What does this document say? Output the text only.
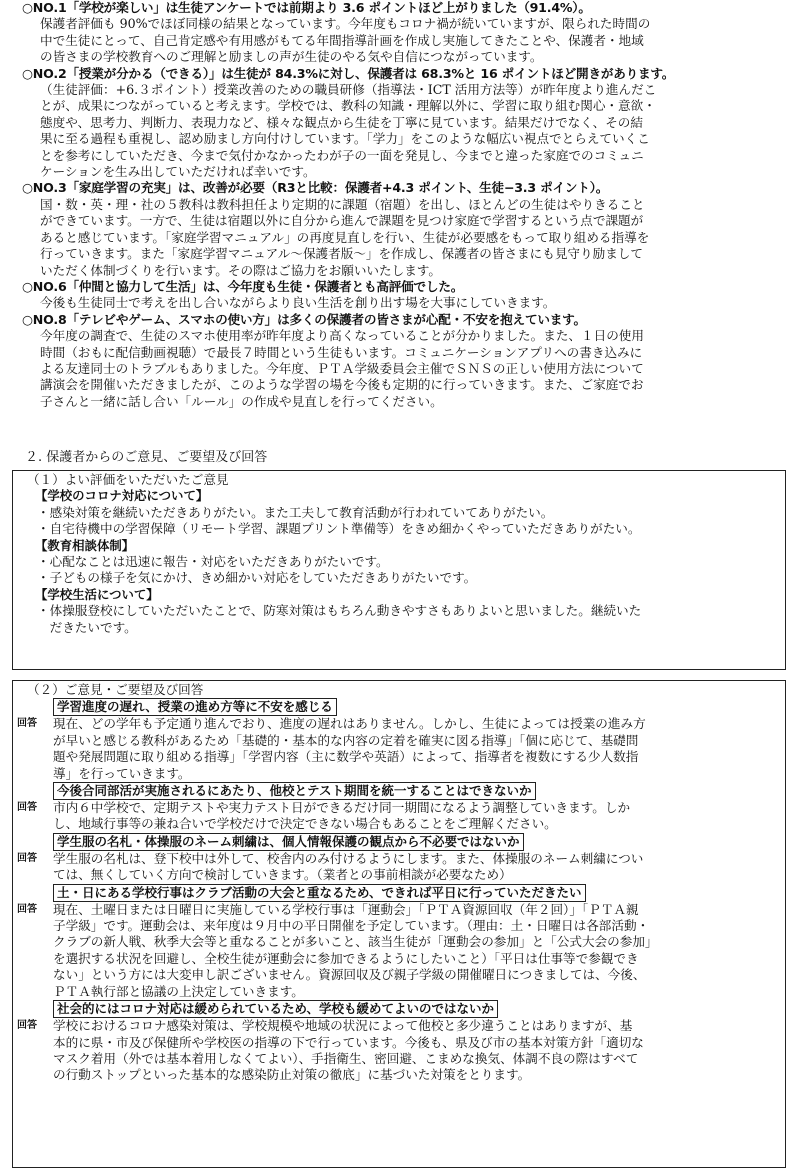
○NO.1「学校が楽しい」は生徒アンケートでは前期より 3.6 ポイントほど上がりました（91.4%）。

保護者評価も 90%でほぼ同様の結果となっています。今年度もコロナ禍が続いていますが、限られた時間の
中で生徒にとって、自己肯定感や有用感がもてる年間指導計画を作成し実施してきたことや、保護者・地域
の皆さまの学校教育へのご理解と励ましの声が生徒のやる気や自信につながっています。

○NO.2「授業が分かる（できる）」は生徒が 84.3%に対し、保護者は 68.3%と 16 ポイントほど開きがあります。

（生徒評価：+6.３ポイント）授業改善のための職員研修（指導法・ICT 活用方法等）が昨年度より進んだこ
とが、成果につながっていると考えます。学校では、教科の知識・理解以外に、学習に取り組む関心・意欲・
態度や、思考力、判断力、表現力など、様々な観点から生徒を丁寧に見ています。結果だけでなく、その結
果に至る過程も重視し、認め励まし方向付けしています。「学力」をこのような幅広い視点でとらえていくこ
とを参考にしていただき、今まで気付かなかったわが子の一面を発見し、今までと違った家庭でのコミュニ
ケーションを生み出していただければ幸いです。

○NO.3「家庭学習の充実」は、改善が必要（R3と比較：保護者+4.3 ポイント、生徒−3.3 ポイント）。

国・数・英・理・社の５教科は教科担任より定期的に課題（宿題）を出し、ほとんどの生徒はやりきること
ができています。一方で、生徒は宿題以外に自分から進んで課題を見つけ家庭で学習するという点で課題が
あると感じています。「家庭学習マニュアル」の再度見直しを行い、生徒が必要感をもって取り組める指導を
行っていきます。また「家庭学習マニュアル～保護者版～」を作成し、保護者の皆さまにも見守り励まして
いただく体制づくりを行います。その際はご協力をお願いいたします。

○NO.6「仲間と協力して生活」は、今年度も生徒・保護者とも高評価でした。

今後も生徒同士で考えを出し合いながらより良い生活を創り出す場を大事にしていきます。

○NO.8「テレビやゲーム、スマホの使い方」は多くの保護者の皆さまが心配・不安を抱えています。

今年度の調査で、生徒のスマホ使用率が昨年度より高くなっていることが分かりました。また、１日の使用
時間（おもに配信動画視聴）で最長７時間という生徒もいます。コミュニケーションアプリへの書き込みに
よる友達同士のトラブルもありました。今年度、ＰＴＡ学級委員会主催でＳＮＳの正しい使用方法について
講演会を開催いただきましたが、このような学習の場を今後も定期的に行っていきます。また、ご家庭でお
子さんと一緒に話し合い「ルール」の作成や見直しを行ってください。

２. 保護者からのご意見、ご要望及び回答

（１）よい評価をいただいたご意見

【学校のコロナ対応について】

・感染対策を継続いただきありがたい。また工夫して教育活動が行われていてありがたい。

・自宅待機中の学習保障（リモート学習、課題プリント準備等）をきめ細かくやっていただきありがたい。

【教育相談体制】

・心配なことは迅速に報告・対応をいただきありがたいです。

・子どもの様子を気にかけ、きめ細かい対応をしていただきありがたいです。

【学校生活について】

・体操服登校にしていただいたことで、防寒対策はもちろん動きやすさもありよいと思いました。継続いた
　だきたいです。

（２）ご意見・ご要望及び回答

学習進度の遅れ、授業の進め方等に不安を感じる
回答 現在、どの学年も予定通り進んでおり、進度の遅れはありません。しかし、生徒によっては授業の進み方
が早いと感じる教科があるため「基礎的・基本的な内容の定着を確実に図る指導」「個に応じて、基礎問
題や発展問題に取り組める指導」「学習内容（主に数学や英語）によって、指導者を複数にする少人数指
導」を行っていきます。

今後合同部活が実施されるにあたり、他校とテスト期間を統一することはできないか
回答 市内６中学校で、定期テストや実力テスト日ができるだけ同一期間になるよう調整していきます。しか
し、地域行事等の兼ね合いで学校だけで決定できない場合もあることをご理解ください。

学生服の名札・体操服のネーム刺繍は、個人情報保護の観点から不必要ではないか
回答 学生服の名札は、登下校中は外して、校舎内のみ付けるようにします。また、体操服のネーム刺繍につい
ては、無くしていく方向で検討していきます。（業者との事前相談が必要なため）

土・日にある学校行事はクラブ活動の大会と重なるため、できれば平日に行っていただきたい
回答 現在、土曜日または日曜日に実施している学校行事は「運動会」「ＰＴＡ資源回収（年２回）」「ＰＴＡ親
子学級」です。運動会は、来年度は９月中の平日開催を予定しています。（理由：土・日曜日は各部活動・
クラブの新人戦、秋季大会等と重なることが多いこと、該当生徒が「運動会の参加」と「公式大会の参加」
を選択する状況を回避し、全校生徒が運動会に参加できるようにしたいこと）「平日は仕事等で参観でき
ない」という方には大変申し訳ございません。資源回収及び親子学級の開催曜日につきましては、今後、
ＰＴＡ執行部と協議の上決定していきます。

社会的にはコロナ対応は緩められているため、学校も緩めてよいのではないか
回答 学校におけるコロナ感染対策は、学校規模や地域の状況によって他校と多少違うことはありますが、基
本的に県・市及び保健所や学校医の指導の下で行っています。今後も、県及び市の基本対策方針「適切な
マスク着用（外では基本着用しなくてよい）、手指衛生、密回避、こまめな換気、体調不良の際はすべて
の行動ストップといった基本的な感染防止対策の徹底」に基づいた対策をとります。
